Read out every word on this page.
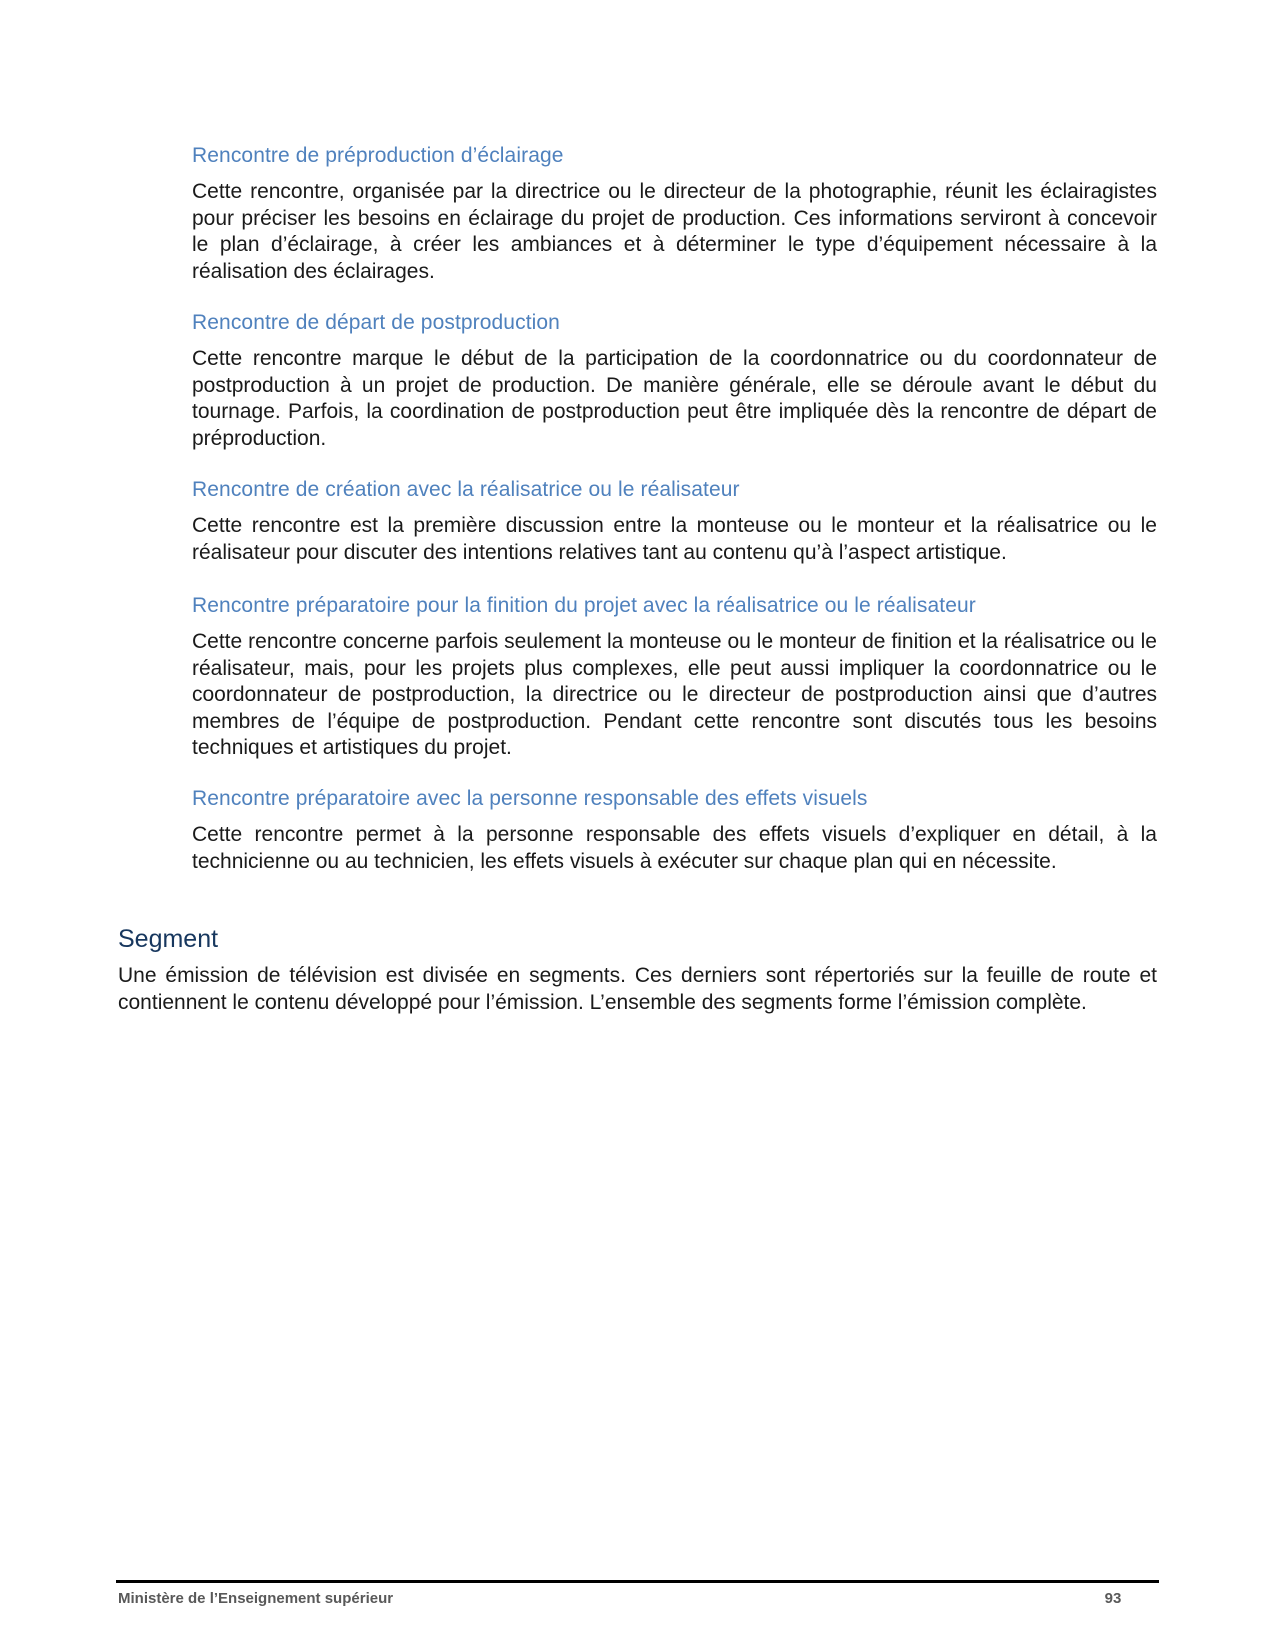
Rencontre de préproduction d’éclairage

Cette rencontre, organisée par la directrice ou le directeur de la photographie, réunit les éclairagistes pour préciser les besoins en éclairage du projet de production. Ces informations serviront à concevoir le plan d’éclairage, à créer les ambiances et à déterminer le type d’équipement nécessaire à la réalisation des éclairages.

Rencontre de départ de postproduction

Cette rencontre marque le début de la participation de la coordonnatrice ou du coordonnateur de postproduction à un projet de production. De manière générale, elle se déroule avant le début du tournage. Parfois, la coordination de postproduction peut être impliquée dès la rencontre de départ de préproduction.

Rencontre de création avec la réalisatrice ou le réalisateur

Cette rencontre est la première discussion entre la monteuse ou le monteur et la réalisatrice ou le réalisateur pour discuter des intentions relatives tant au contenu qu’à l’aspect artistique.

Rencontre préparatoire pour la finition du projet avec la réalisatrice ou le réalisateur

Cette rencontre concerne parfois seulement la monteuse ou le monteur de finition et la réalisatrice ou le réalisateur, mais, pour les projets plus complexes, elle peut aussi impliquer la coordonnatrice ou le coordonnateur de postproduction, la directrice ou le directeur de postproduction ainsi que d’autres membres de l’équipe de postproduction. Pendant cette rencontre sont discutés tous les besoins techniques et artistiques du projet.

Rencontre préparatoire avec la personne responsable des effets visuels

Cette rencontre permet à la personne responsable des effets visuels d’expliquer en détail, à la technicienne ou au technicien, les effets visuels à exécuter sur chaque plan qui en nécessite.

Segment

Une émission de télévision est divisée en segments. Ces derniers sont répertoriés sur la feuille de route et contiennent le contenu développé pour l’émission. L’ensemble des segments forme l’émission complète.

Ministère de l’Enseignement supérieur	93
